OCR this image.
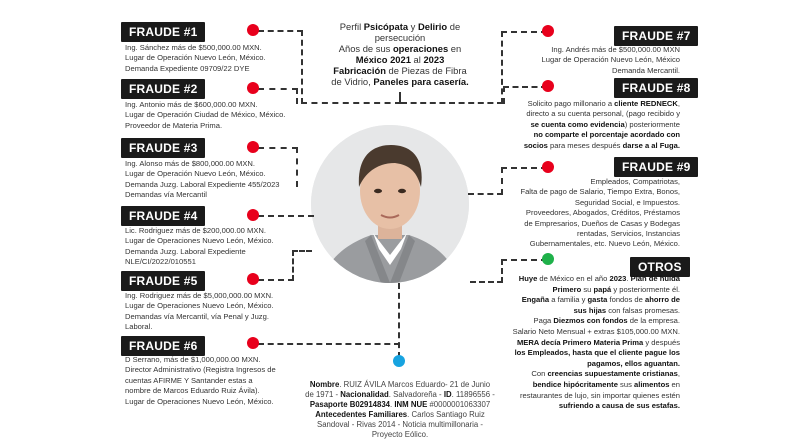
Perfil Psicópata y Delirio de
persecución
Años de sus operaciones en
México 2021 al 2023
Fabricación de Piezas de Fibra
de Vidrio, Paneles para casería.
FRAUDE #1
Ing. Sánchez más de $500,000.00 MXN.
Lugar de Operación Nuevo León, México.
Demanda Expediente 09709/22 DYE
FRAUDE #2
Ing. Antonio más de $600,000.00 MXN.
Lugar de Operación Ciudad de México, México.
Proveedor de Materia Prima.
FRAUDE #3
Ing. Alonso más de $800,000.00 MXN.
Lugar de Operación Nuevo León, México.
Demanda Juzg. Laboral Expediente 455/2023
Demandas vía Mercantil
FRAUDE #4
Lic. Rodriguez más de $200,000.00 MXN.
Lugar de Operaciones Nuevo León, México.
Demanda Juzg. Laboral Expediente
NLE/CI/2022/010551
FRAUDE #5
Ing. Rodriguez más de $5,000,000.00 MXN.
Lugar de Operaciones Nuevo León, México.
Demandas vía Mercantil, vía Penal y Juzg.
Laboral.
FRAUDE #6
D Serrano, más de $1,000,000.00 MXN.
Director Administrativo (Registra Ingresos de
cuentas AFIRME Y Santander estas a
nombre de Marcos Eduardo Ruiz Ávila).
Lugar de Operaciones Nuevo León, México.
FRAUDE #7
Ing. Andrés más de $500,000.00 MXN
Lugar de Operación Nuevo León, México
Demanda Mercantil.
FRAUDE #8
Solicito pago millonario a cliente REDNECK,
directo a su cuenta personal, (pago recibido y
se cuenta como evidencia) posteriormente
no comparte el porcentaje acordado con
socios para meses después darse a al Fuga.
FRAUDE #9
Empleados, Compatriotas,
Falta de pago de Salario, Tiempo Extra, Bonos,
Seguridad Social, e Impuestos.
Proveedores, Abogados, Créditos, Préstamos
de Empresarios, Dueños de Casas y Bodegas
rentadas, Servicios, Instancias
Gubernamentales, etc. Nuevo León, México.
OTROS
Huye de México en el año 2023. Plan de huida
Primero su papá y posteriormente él.
Engaña a familia y gasta fondos de ahorro de
sus hijas con falsas promesas.
Paga Diezmos con fondos de la empresa.
Salario Neto Mensual + extras $105,000.00 MXN.
MERA decía Primero Materia Prima y después
los Empleados, hasta que el cliente pague los
pagamos, ellos aguantan.
Con creencias supuestamente cristianas,
bendice hipócritamente sus alimentos en
restaurantes de lujo, sin importar quienes estén
sufriendo a causa de sus estafas.
Nombre. RUIZ ÁVILA Marcos Eduardo- 21 de Junio
de 1971 - Nacionalidad. Salvadoreña - ID. 11896556 -
Pasaporte B02914834. INM NUE #0000001063307
Antecedentes Familiares. Carlos Santiago Ruiz
Sandoval - Rivas 2014 - Noticia multimillonaria -
Proyecto Eólico.
